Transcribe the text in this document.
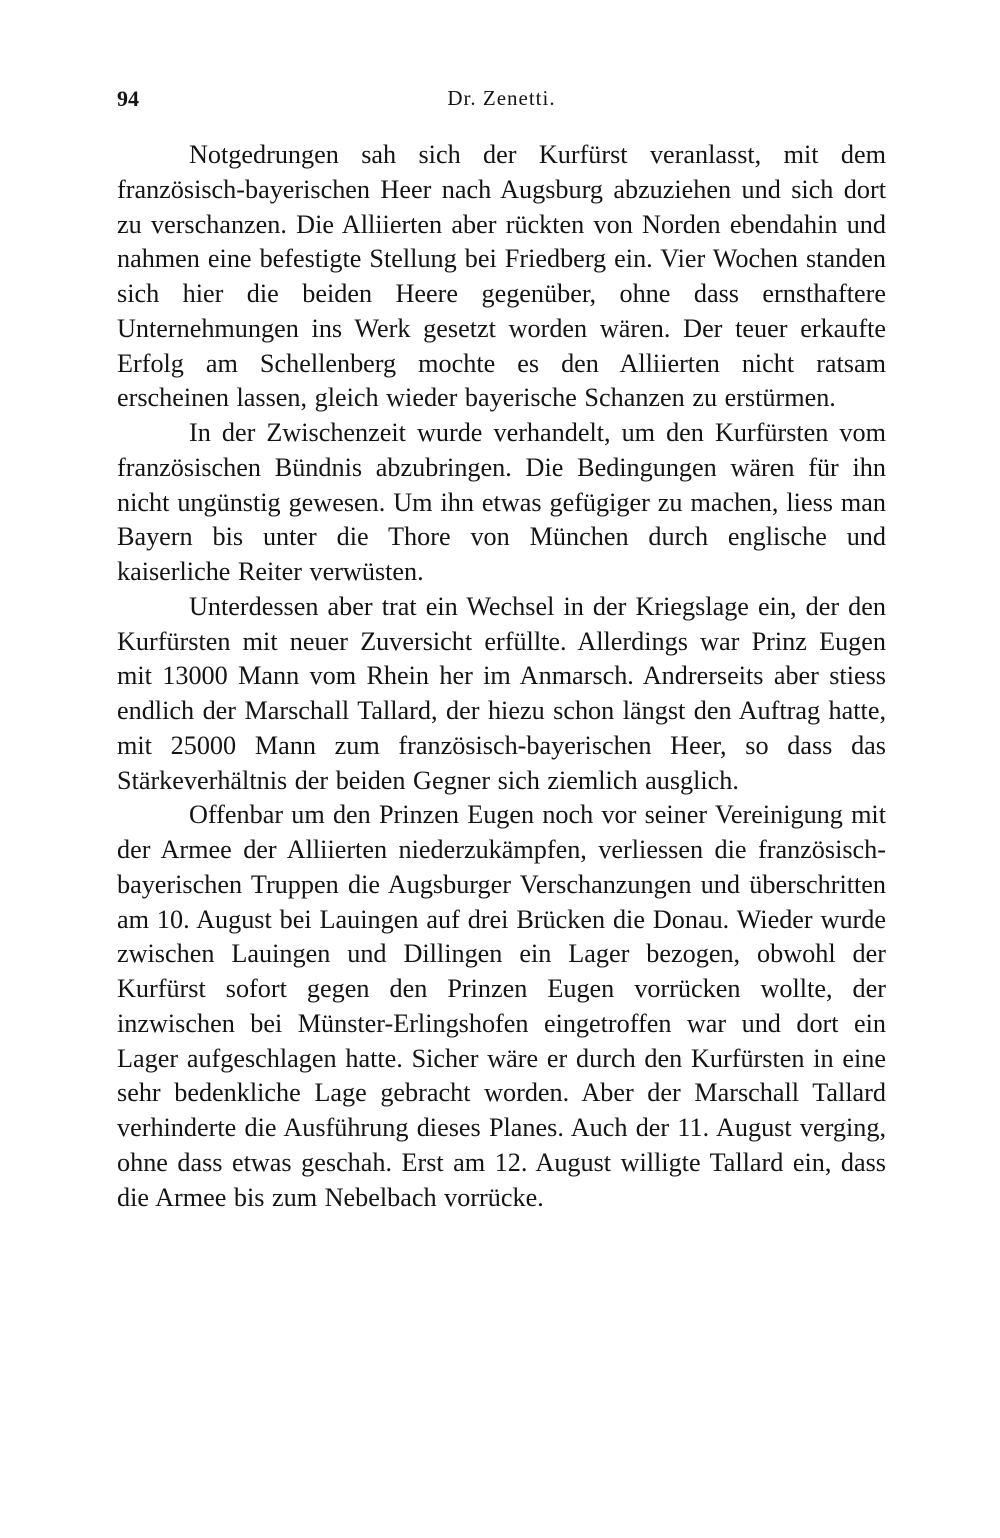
94	Dr. Zenetti.

Notgedrungen sah sich der Kurfürst veranlasst, mit dem französisch-bayerischen Heer nach Augsburg abzuziehen und sich dort zu verschanzen. Die Alliierten aber rückten von Norden ebendahin und nahmen eine befestigte Stellung bei Friedberg ein. Vier Wochen standen sich hier die beiden Heere gegenüber, ohne dass ernsthaftere Unternehmungen ins Werk gesetzt worden wären. Der teuer erkaufte Erfolg am Schellenberg mochte es den Alliierten nicht ratsam erscheinen lassen, gleich wieder bayerische Schanzen zu erstürmen.

In der Zwischenzeit wurde verhandelt, um den Kurfürsten vom französischen Bündnis abzubringen. Die Bedingungen wären für ihn nicht ungünstig gewesen. Um ihn etwas gefügiger zu machen, liess man Bayern bis unter die Thore von München durch englische und kaiserliche Reiter verwüsten.

Unterdessen aber trat ein Wechsel in der Kriegslage ein, der den Kurfürsten mit neuer Zuversicht erfüllte. Allerdings war Prinz Eugen mit 13000 Mann vom Rhein her im Anmarsch. Andrerseits aber stiess endlich der Marschall Tallard, der hiezu schon längst den Auftrag hatte, mit 25000 Mann zum französisch-bayerischen Heer, so dass das Stärkeverhältnis der beiden Gegner sich ziemlich ausglich.

Offenbar um den Prinzen Eugen noch vor seiner Vereinigung mit der Armee der Alliierten niederzukämpfen, verliessen die französisch-bayerischen Truppen die Augsburger Verschanzungen und überschritten am 10. August bei Lauingen auf drei Brücken die Donau. Wieder wurde zwischen Lauingen und Dillingen ein Lager bezogen, obwohl der Kurfürst sofort gegen den Prinzen Eugen vorrücken wollte, der inzwischen bei Münster-Erlingshofen eingetroffen war und dort ein Lager aufgeschlagen hatte. Sicher wäre er durch den Kurfürsten in eine sehr bedenkliche Lage gebracht worden. Aber der Marschall Tallard verhinderte die Ausführung dieses Planes. Auch der 11. August verging, ohne dass etwas geschah. Erst am 12. August willigte Tallard ein, dass die Armee bis zum Nebelbach vorrücke.
